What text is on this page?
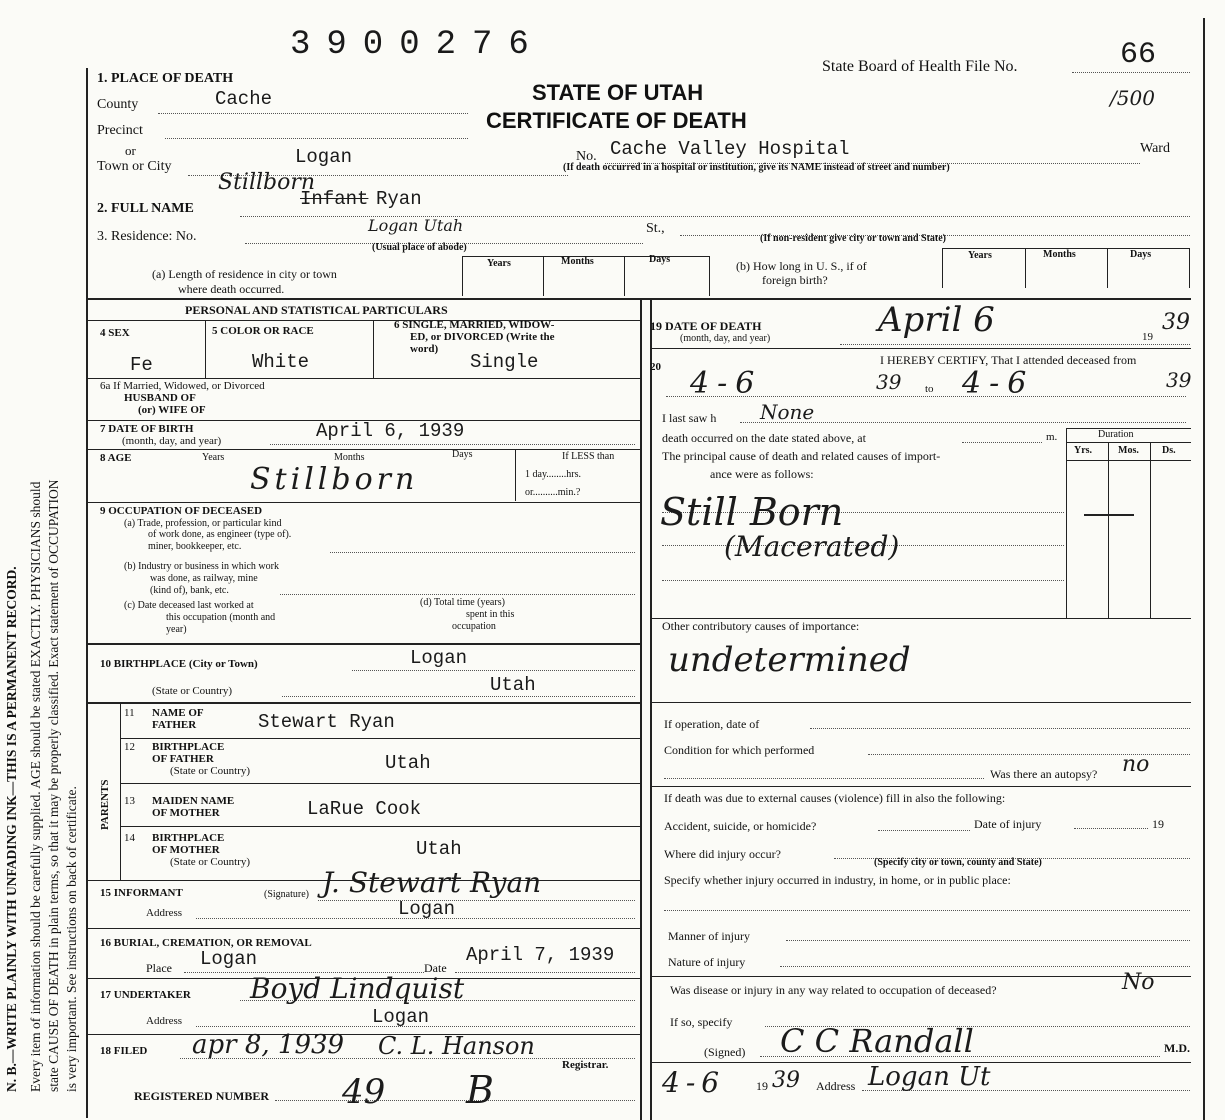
N. B.—WRITE PLAINLY WITH UNFADING INK—THIS IS A PERMANENT RECORD. Every item of information should be carefully supplied. AGE should be stated EXACTLY. PHYSICIANS should state CAUSE OF DEATH in plain terms, so that it may be properly classified. Exact statement of OCCUPATION is very important. See instructions on back of certificate.
3900276
State Board of Health File No.	66
/500
STATE OF UTAH
CERTIFICATE OF DEATH
1. PLACE OF DEATH
County	Cache
Precinct
or
Town or City	Logan	No. Cache Valley Hospital	Ward
(If death occurred in a hospital or institution, give its NAME instead of street and number)
2. FULL NAME
Stillborn
Infant Ryan
3. Residence: No.
Logan Utah	St.,
(Usual place of abode)
(If non-resident give city or town and State)
Years	Months	Days
(a) Length of residence in city or town
where death occurred.
Years	Months	Days
(b) How long in U. S., if of
foreign birth?
PERSONAL AND STATISTICAL PARTICULARS
4 SEX
Fe
5 COLOR OR RACE
White
6 SINGLE, MARRIED, WIDOW-
ED, or DIVORCED (Write the
word)
Single
6a If Married, Widowed, or Divorced
HUSBAND OF
(or) WIFE OF
7 DATE OF BIRTH
(month, day, and year)	April 6, 1939
8 AGE	Years	Months	Days
Stillborn
If LESS than
1 day........hrs.
or..........min.?
9 OCCUPATION OF DECEASED
(a) Trade, profession, or particular kind
of work done, as engineer (type of).
miner, bookkeeper, etc.
(b) Industry or business in which work
was done, as railway, mine
(kind of), bank, etc.
(c) Date deceased last worked at
this occupation (month and
year)
(d) Total time (years)
spent in this
occupation
10 BIRTHPLACE (City or Town)	Logan
(State or Country)	Utah
PARENTS
11 NAME OF
FATHER	Stewart Ryan
12 BIRTHPLACE
OF FATHER
(State or Country)	Utah
13 MAIDEN NAME
OF MOTHER	LaRue Cook
14 BIRTHPLACE
OF MOTHER
(State or Country)
Utah
15 INFORMANT	(Signature) J. Stewart Ryan
Address	Logan
16 BURIAL, CREMATION, OR REMOVAL
Place Logan	Date
April 7, 1939
17 UNDERTAKER Boyd Lindquist
Address	Logan
18 FILED apr 8, 1939 C. L. Hanson
Registrar.
REGISTERED NUMBER 49 B
19 DATE OF DEATH
(month, day, and year)	April 6	19
39
20	I HEREBY CERTIFY, That I attended deceased from
4-6	39 to 4-6	39
I last saw h None
death occurred on the date stated above, at	m.	Duration
Yrs.	Mos. Ds.
The principal cause of death and related causes of import-
ance were as follows:
Still Born
(Macerated)
Other contributory causes of importance:
undetermined
If operation, date of
Condition for which performed
Was there an autopsy? no
If death was due to external causes (violence) fill in also the following:
Accident, suicide, or homicide?	Date of injury	19
Where did injury occur?
(Specify city or town, county and State)
Specify whether injury occurred in industry, in home, or in public place:
Manner of injury
Nature of injury
Was disease or injury in any way related to occupation of deceased?	No
If so, specify
(Signed) C C Randall	M.D.
4-6	19 39 Address Logan Ut
